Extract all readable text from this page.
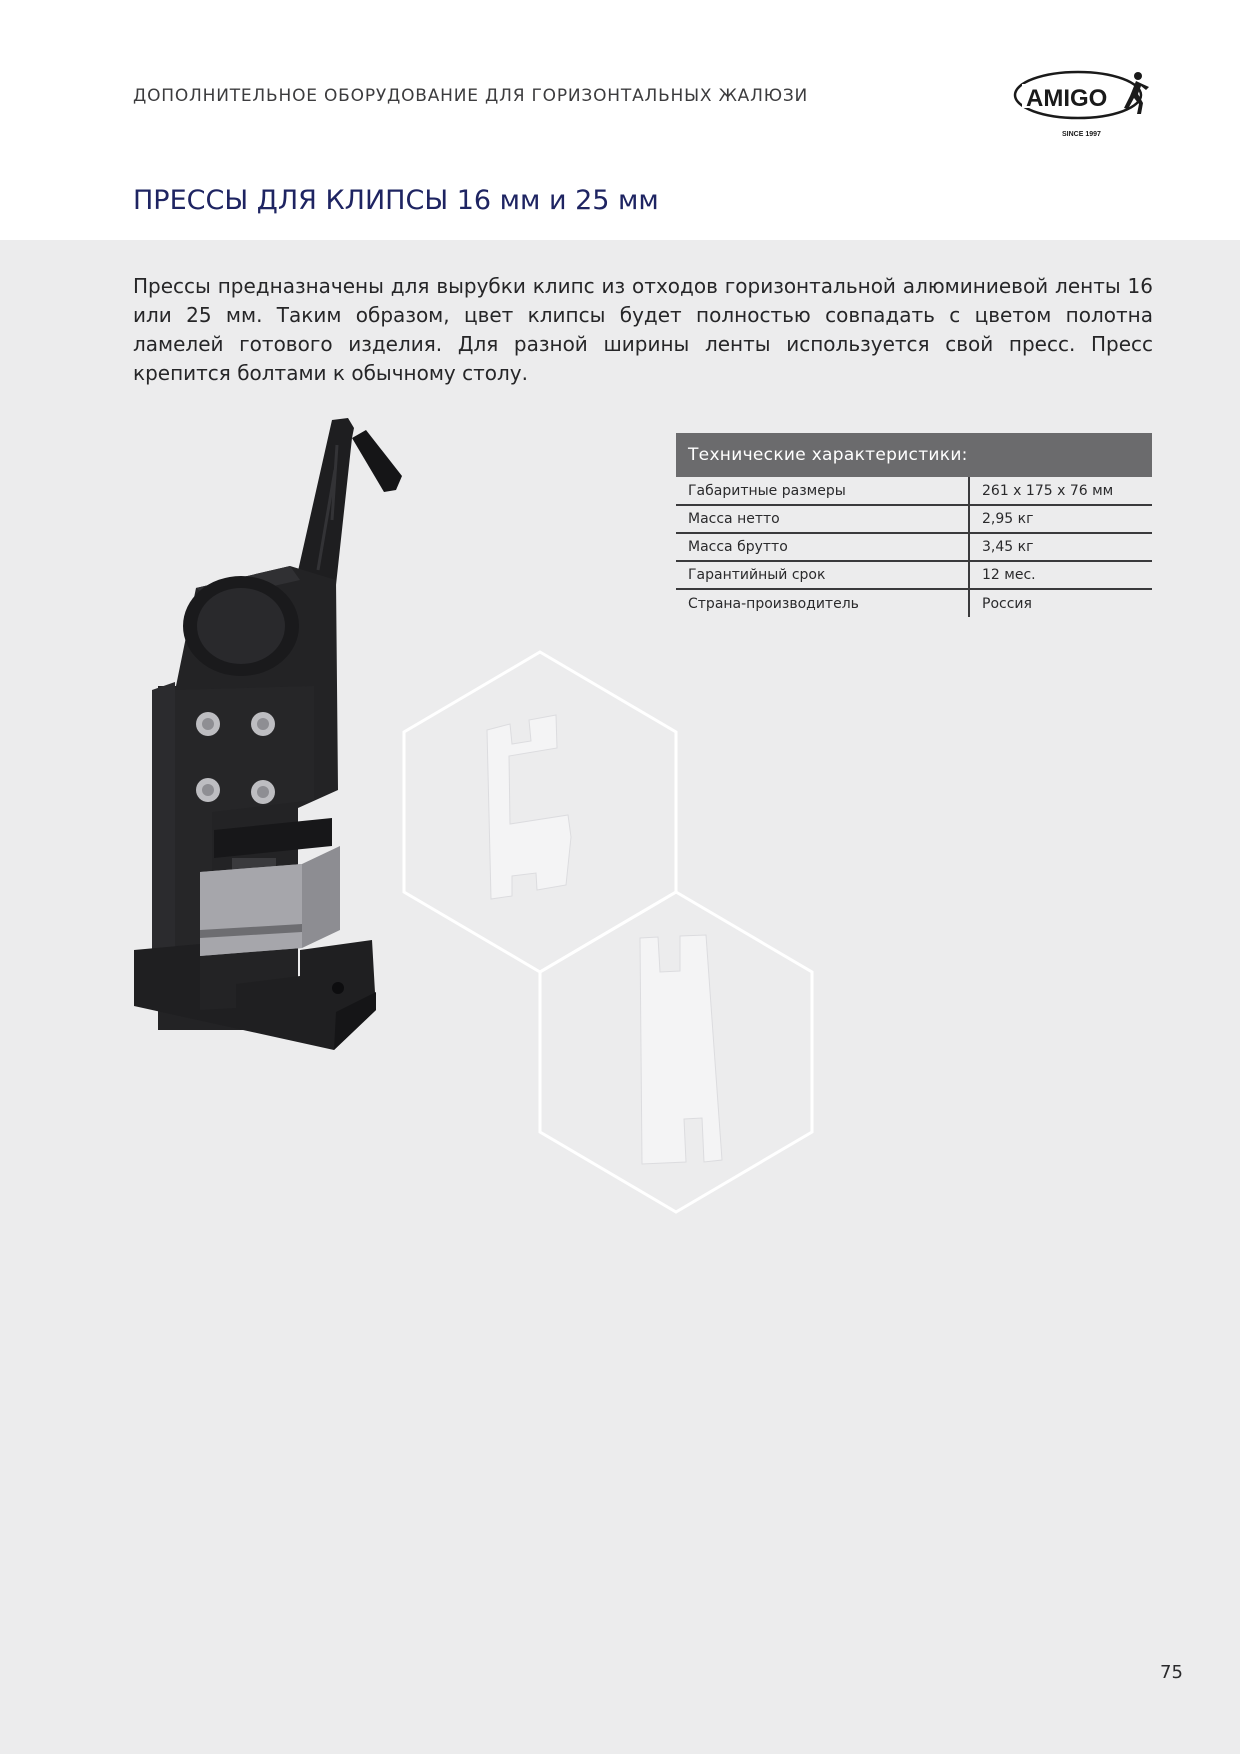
ДОПОЛНИТЕЛЬНОЕ ОБОРУДОВАНИЕ ДЛЯ ГОРИЗОНТАЛЬНЫХ ЖАЛЮЗИ	AMIGO
SINCE 1997
ПРЕССЫ ДЛЯ КЛИПСЫ 16 мм и 25 мм

Прессы предназначены для вырубки клипс из отходов горизонтальной алюминиевой ленты 16 или 25 мм. Таким образом, цвет клипсы будет полностью совпадать с цветом полотна ламелей готового изделия. Для разной ширины ленты используется свой пресс. Пресс крепится болтами к обычному столу.

Технические характеристики:
Габаритные размеры	261 х 175 х 76 мм
Масса нетто	2,95 кг
Масса брутто	3,45 кг
Гарантийный срок	12 мес.
Страна-производитель	Россия
75
